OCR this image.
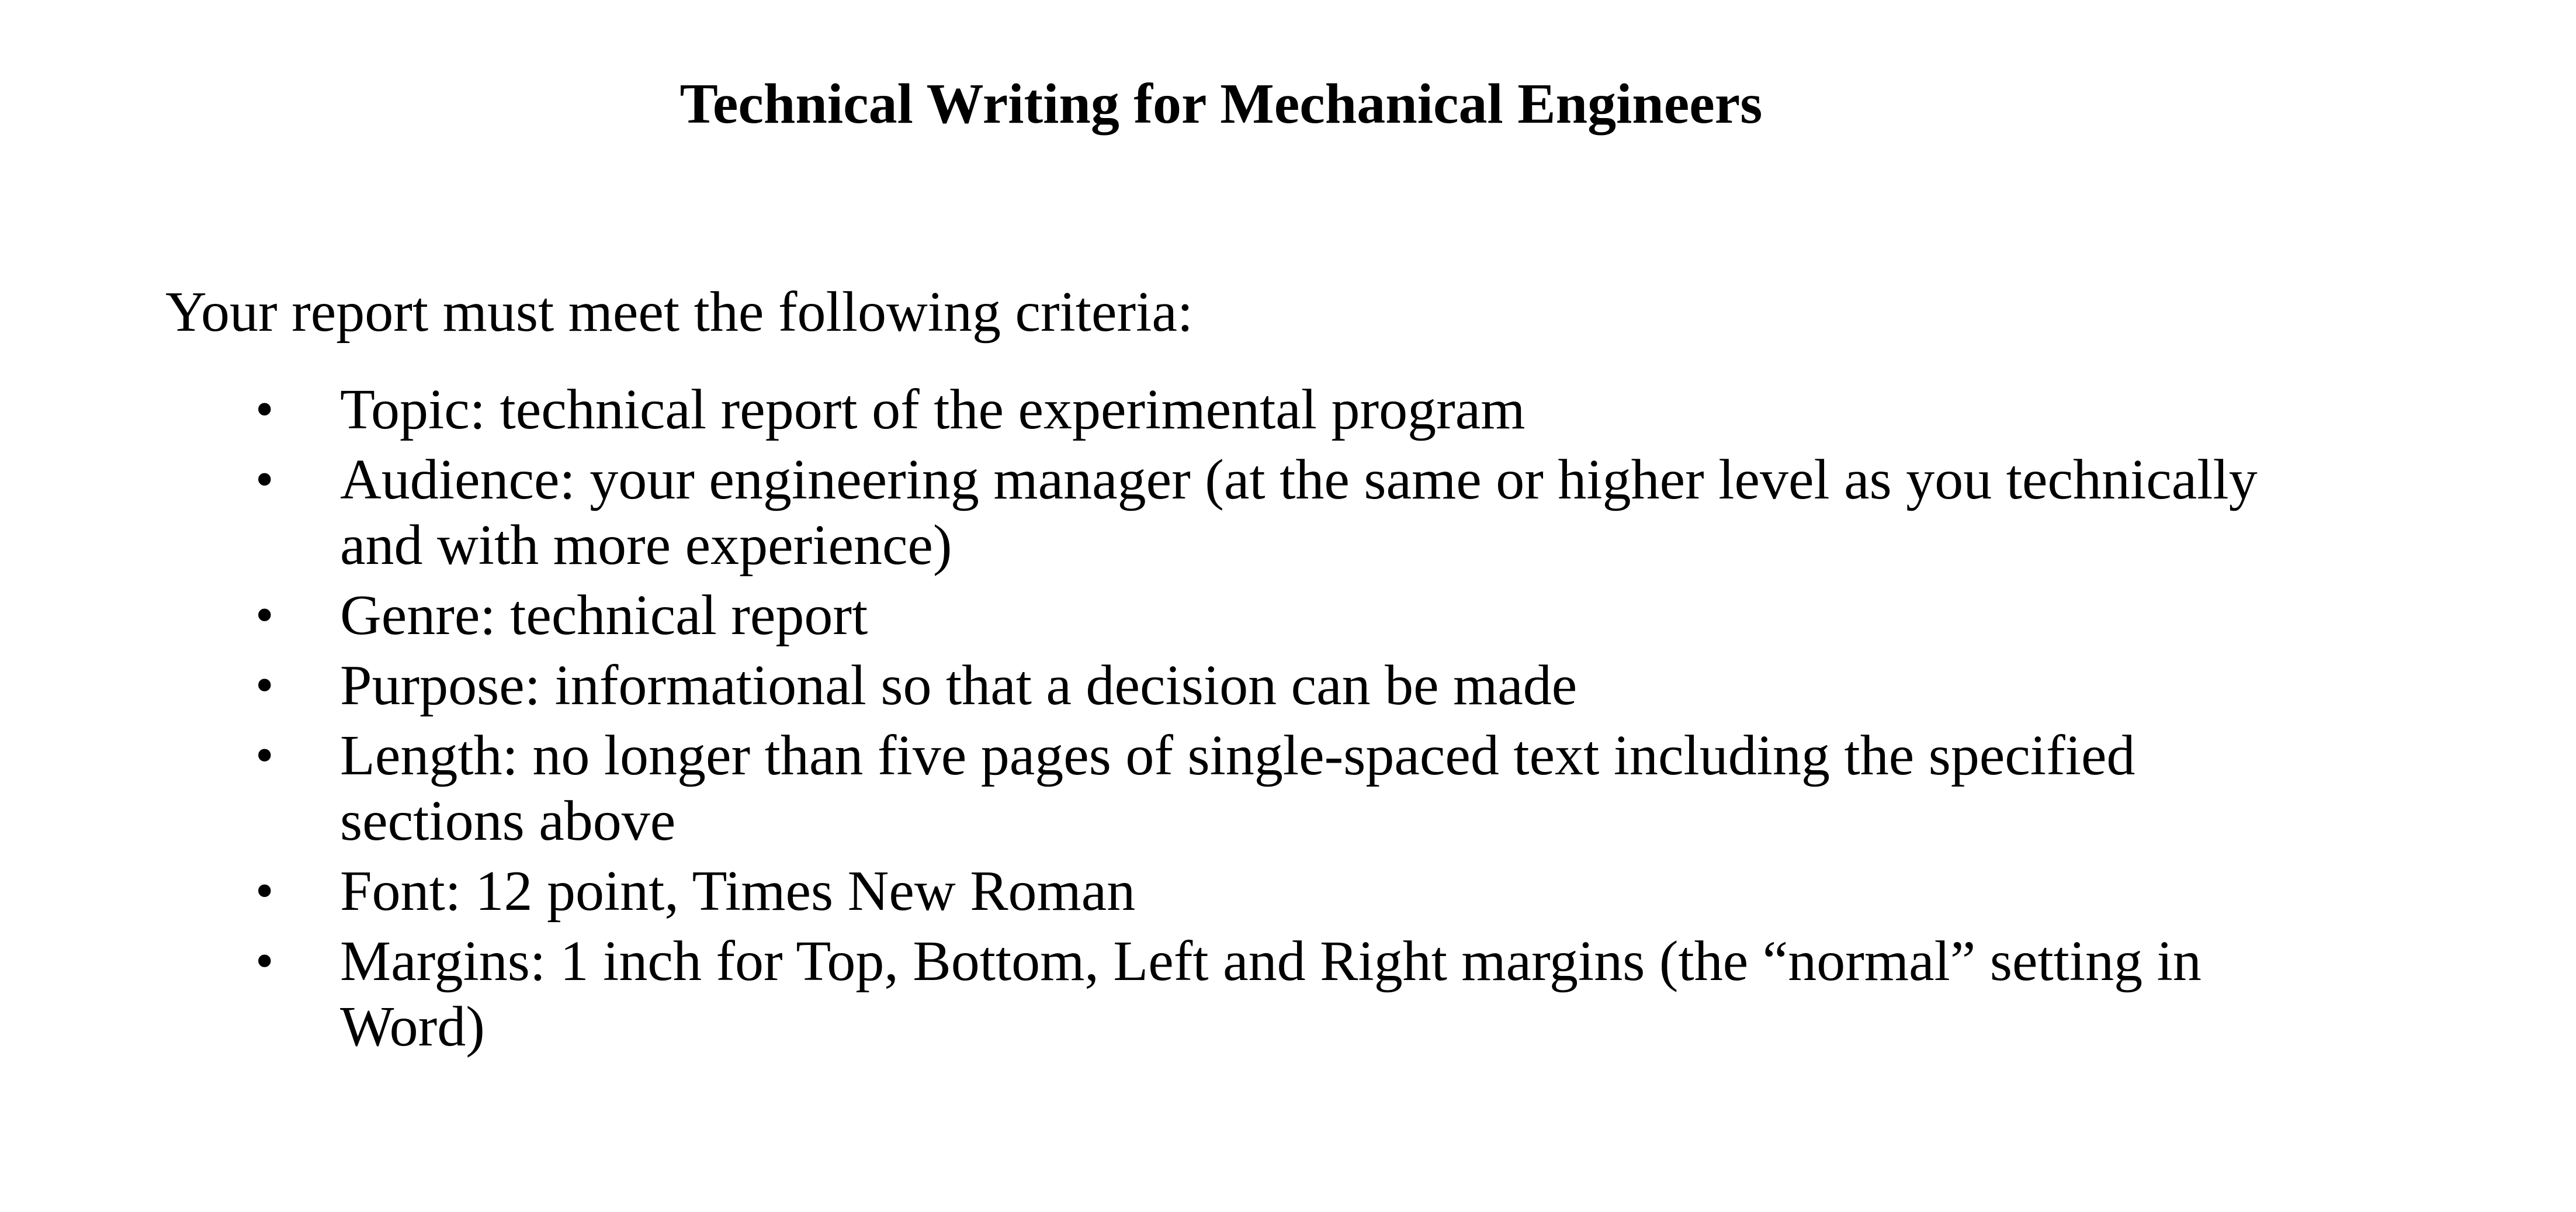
Technical Writing for Mechanical Engineers

Your report must meet the following criteria:

• Topic: technical report of the experimental program
• Audience: your engineering manager (at the same or higher level as you technically and with more experience)
• Genre: technical report
• Purpose: informational so that a decision can be made
• Length: no longer than five pages of single-spaced text including the specified sections above
• Font: 12 point, Times New Roman
• Margins: 1 inch for Top, Bottom, Left and Right margins (the “normal” setting in Word)
